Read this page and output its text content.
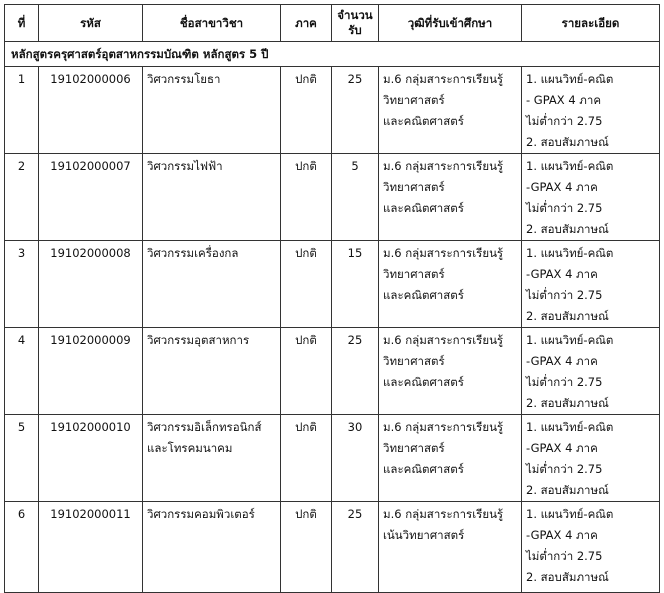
ที่	รหัส	ชื่อสาขาวิชา	ภาค	จำนวน
รับ	วุฒิที่รับเข้าศึกษา	รายละเอียด
หลักสูตรครุศาสตร์อุตสาหกรรมบัณฑิต หลักสูตร 5 ปี						
1	19102000006	วิศวกรรมโยธา	ปกติ	25	ม.6 กลุ่มสาระการเรียนรู้
วิทยาศาสตร์
และคณิตศาสตร์	1. แผนวิทย์-คณิต
- GPAX 4 ภาค
ไม่ต่ำกว่า 2.75
2. สอบสัมภาษณ์

2	19102000007	วิศวกรรมไฟฟ้า	ปกติ	5	ม.6 กลุ่มสาระการเรียนรู้
วิทยาศาสตร์
และคณิตศาสตร์	1. แผนวิทย์-คณิต
-GPAX 4 ภาค
ไม่ต่ำกว่า 2.75
2. สอบสัมภาษณ์

3	19102000008	วิศวกรรมเครื่องกล	ปกติ	15	ม.6 กลุ่มสาระการเรียนรู้
วิทยาศาสตร์
และคณิตศาสตร์	1. แผนวิทย์-คณิต
-GPAX 4 ภาค
ไม่ต่ำกว่า 2.75
2. สอบสัมภาษณ์

4	19102000009	วิศวกรรมอุตสาหการ	ปกติ	25	ม.6 กลุ่มสาระการเรียนรู้
วิทยาศาสตร์
และคณิตศาสตร์	1. แผนวิทย์-คณิต
-GPAX 4 ภาค
ไม่ต่ำกว่า 2.75
2. สอบสัมภาษณ์

5	19102000010	วิศวกรรมอิเล็กทรอนิกส์ และโทรคมนาคม	ปกติ	30	ม.6 กลุ่มสาระการเรียนรู้
วิทยาศาสตร์
และคณิตศาสตร์	1. แผนวิทย์-คณิต
-GPAX 4 ภาค
ไม่ต่ำกว่า 2.75
2. สอบสัมภาษณ์

6	19102000011	วิศวกรรมคอมพิวเตอร์	ปกติ	25	ม.6 กลุ่มสาระการเรียนรู้
เน้นวิทยาศาสตร์	1. แผนวิทย์-คณิต
-GPAX 4 ภาค
ไม่ต่ำกว่า 2.75
2. สอบสัมภาษณ์
